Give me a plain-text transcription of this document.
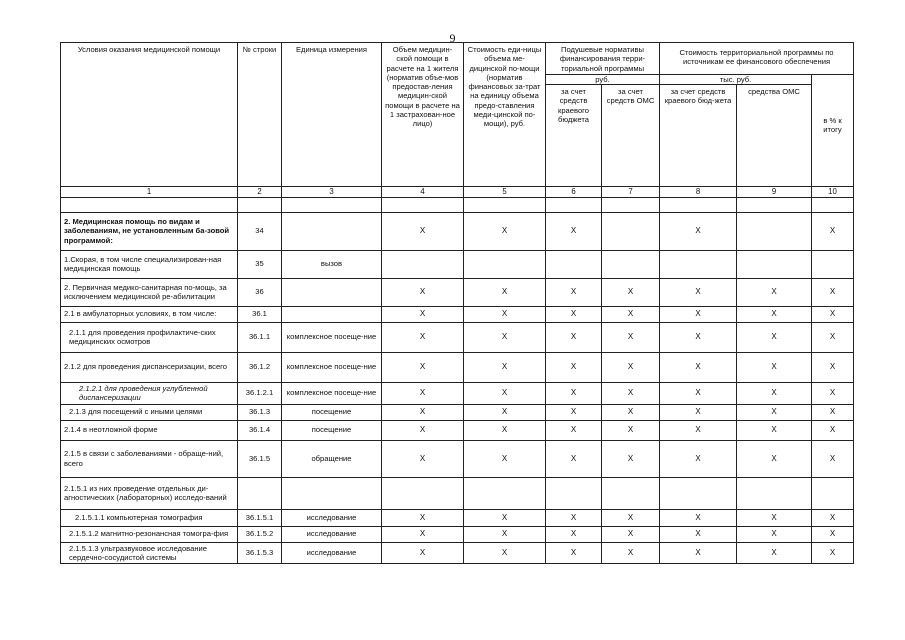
9
Условия оказания медицинской помощи	№ строки	Единица измерения	Объем медицин-ской помощи в расчете на 1 жителя (норматив объе-мов предостав-ления медицин-ской помощи в расчете на 1 застрахован-ное лицо)	Стоимость еди-ницы объема ме-дицинской по-мощи (норматив финансовых за-трат на единицу объема предо-ставления меди-цинской по-мощи), руб.	Подушевые нормативы финансирования терри-ториальной программы		Стоимость территориальной программы по источникам ее финансового обеспечения		
					руб.		тыс. руб.		в % к итогу
					за счет средств краевого бюджета	за счет средств ОМС	за счет средств краевого бюд-жета	средства ОМС	
1	2	3	4	5	6	7	8	9	10

2. Медицинская помощь по видам и заболеваниям, не установленным ба-зовой программой:	34		Х	Х	Х		Х		Х
1.Скорая, в том числе специализирован-ная медицинская помощь	35	вызов							
2. Первичная медико-санитарная по-мощь, за исключением медицинской ре-абилитации	36		Х	Х	Х	Х	Х	Х	Х
2.1 в амбулаторных условиях, в том числе:	36.1		Х	Х	Х	Х	Х	Х	Х
2.1.1 для проведения профилактиче-ских медицинских осмотров	36.1.1	комплексное посеще-ние	Х	Х	Х	Х	Х	Х	Х
2.1.2 для проведения диспансеризации, всего	36.1.2	комплексное посеще-ние	Х	Х	Х	Х	Х	Х	Х
2.1.2.1 для проведения углубленной диспансеризации	36.1.2.1	комплексное посеще-ние	Х	Х	Х	Х	Х	Х	Х
2.1.3 для посещений с иными целями	36.1.3	посещение	Х	Х	Х	Х	Х	Х	Х
2.1.4 в неотложной форме	36.1.4	посещение	Х	Х	Х	Х	Х	Х	Х
2.1.5 в связи с заболеваниями - обраще-ний, всего	36.1.5	обращение	Х	Х	Х	Х	Х	Х	Х
2.1.5.1 из них проведение отдельных ди-агностических (лабораторных) исследо-ваний									
2.1.5.1.1 компьютерная томография	36.1.5.1	исследование	Х	Х	Х	Х	Х	Х	Х
2.1.5.1.2 магнитно-резонансная томогра-фия	36.1.5.2	исследование	Х	Х	Х	Х	Х	Х	Х
2.1.5.1.3 ультразвуковое исследование сердечно-сосудистой системы	36.1.5.3	исследование	Х	Х	Х	Х	Х	Х	Х
